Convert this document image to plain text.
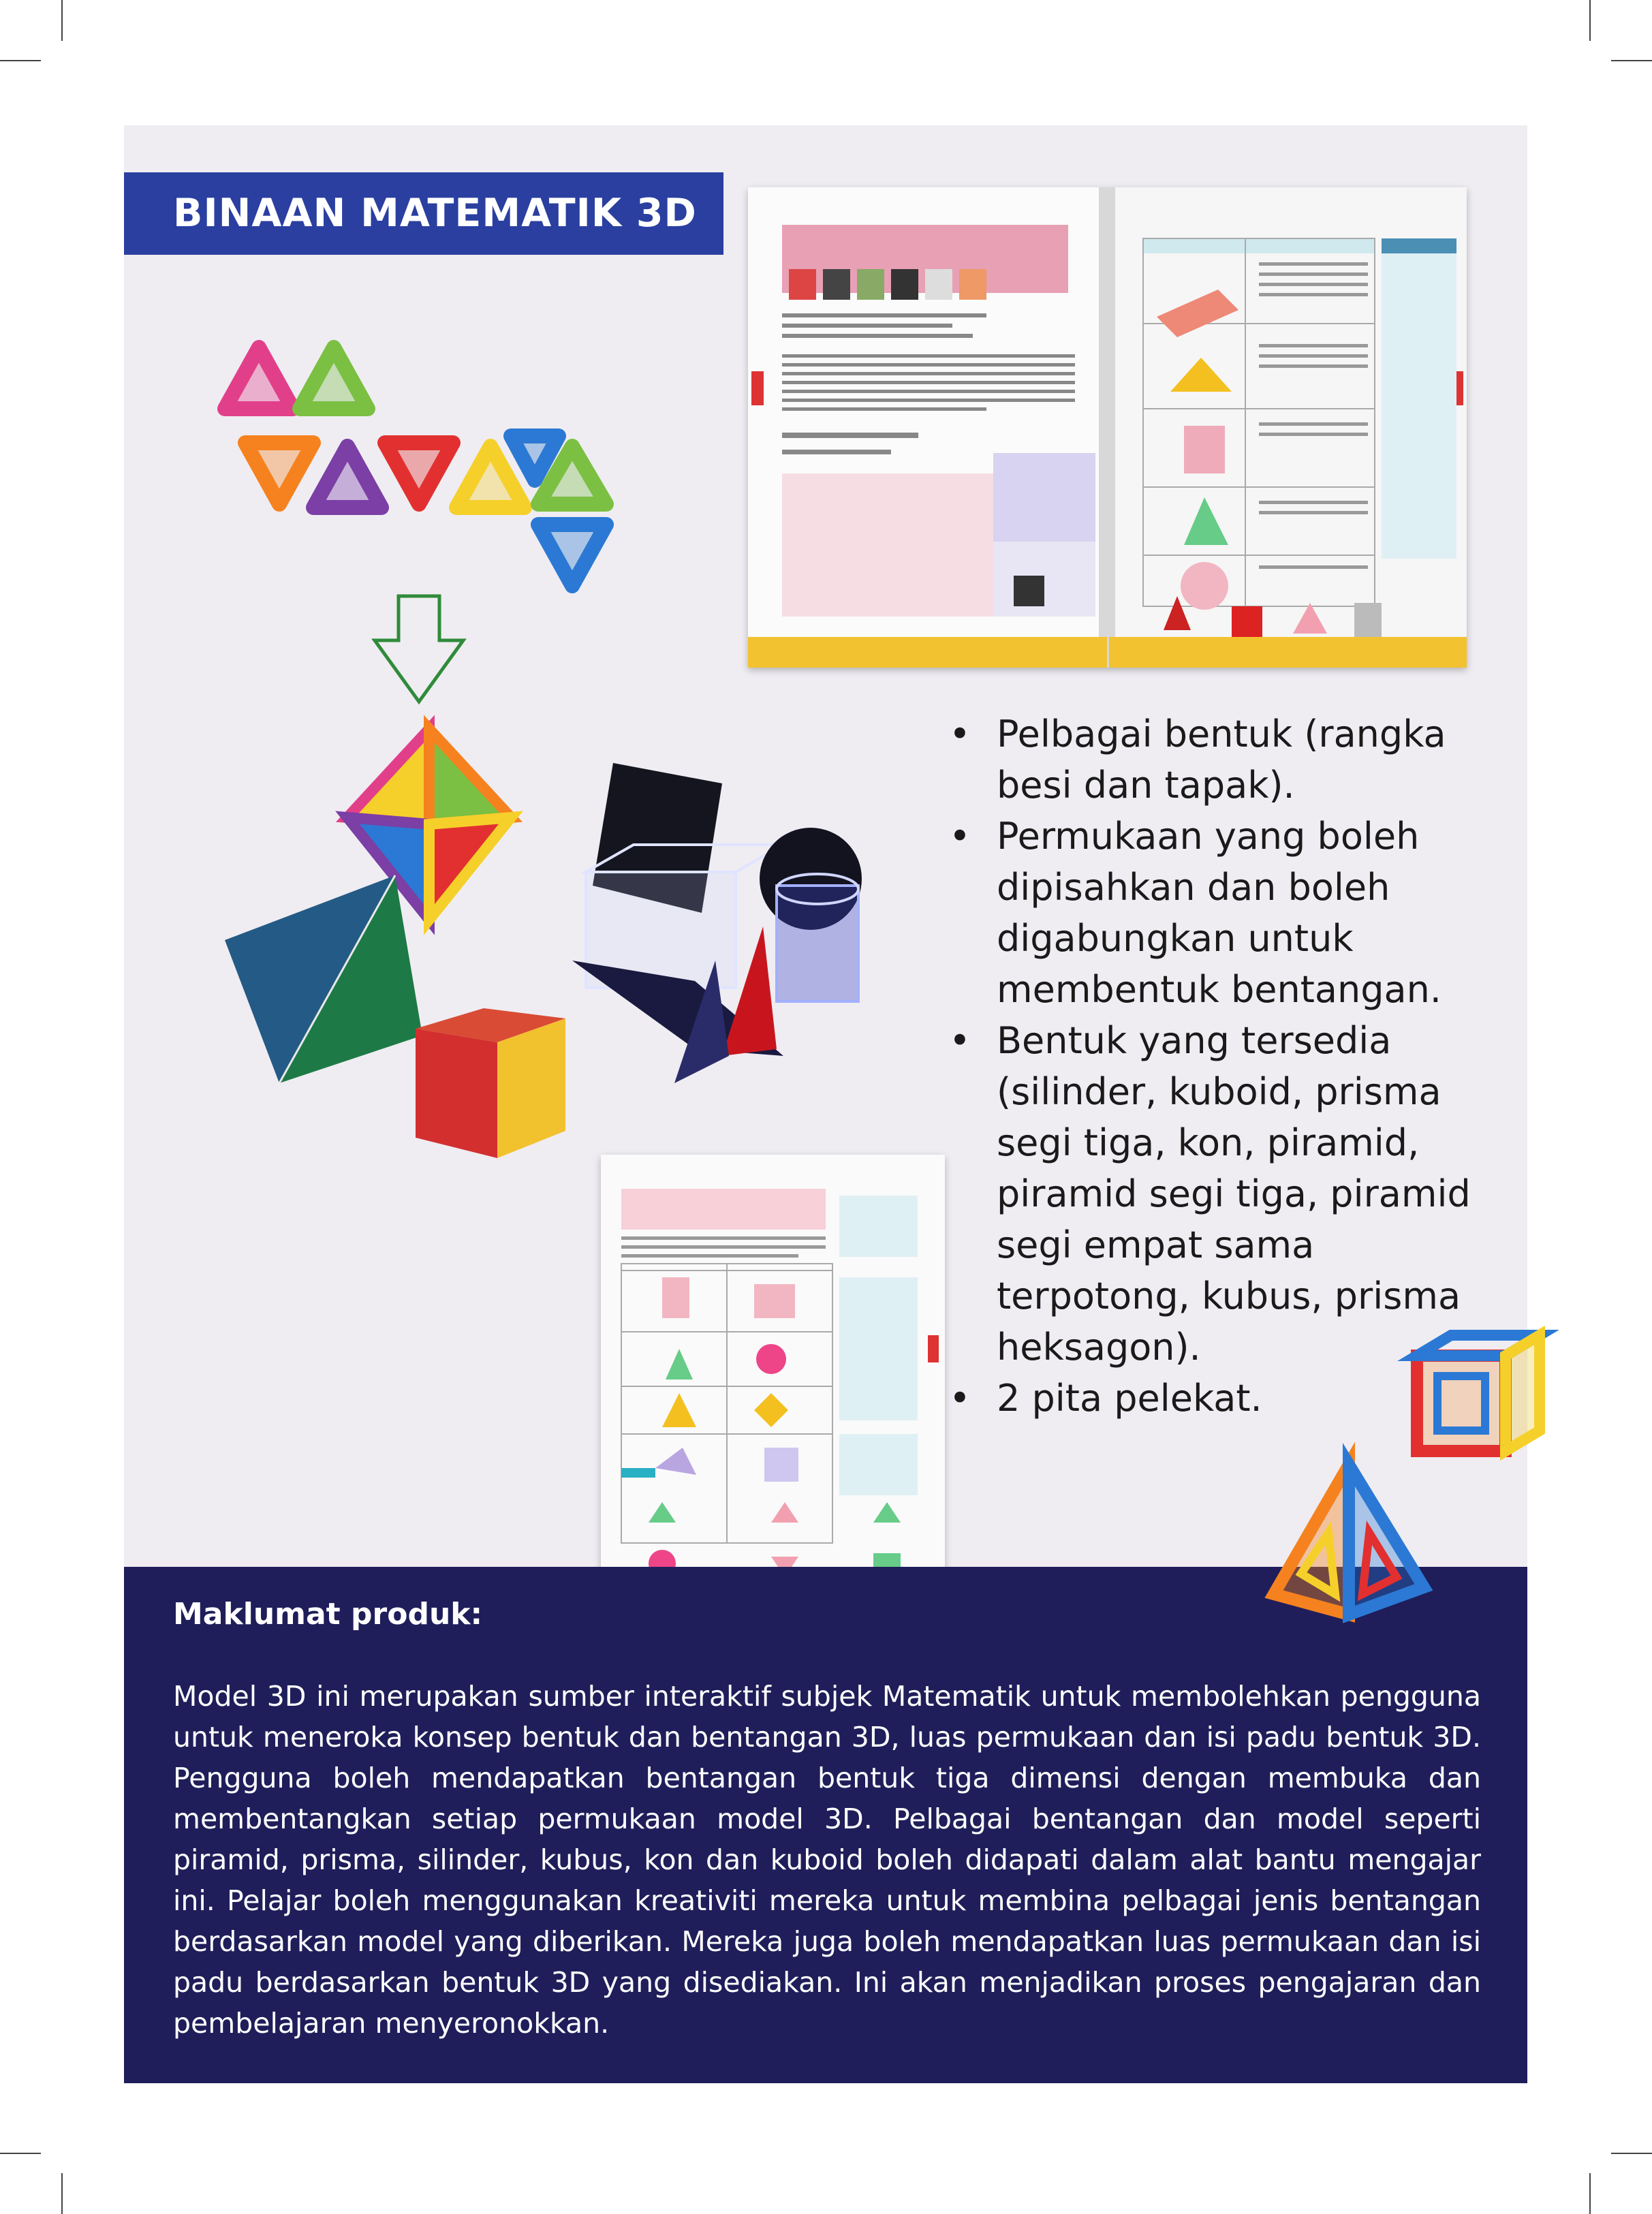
BINAAN MATEMATIK 3D
• Pelbagai bentuk (rangka besi dan tapak).
• Permukaan yang boleh dipisahkan dan boleh digabungkan untuk membentuk bentangan.
• Bentuk yang tersedia (silinder, kuboid, prisma segi tiga, kon, piramid, piramid segi tiga, piramid segi empat sama terpotong, kubus, prisma heksagon).
• 2 pita pelekat.
Maklumat produk:
Model 3D ini merupakan sumber interaktif subjek Matematik untuk membolehkan pengguna untuk meneroka konsep bentuk dan bentangan 3D, luas permukaan dan isi padu bentuk 3D. Pengguna boleh mendapatkan bentangan bentuk tiga dimensi dengan membuka dan membentangkan setiap permukaan model 3D. Pelbagai bentangan dan model seperti piramid, prisma, silinder, kubus, kon dan kuboid boleh didapati dalam alat bantu mengajar ini. Pelajar boleh menggunakan kreativiti mereka untuk membina pelbagai jenis bentangan berdasarkan model yang diberikan. Mereka juga boleh mendapatkan luas permukaan dan isi padu berdasarkan bentuk 3D yang disediakan. Ini akan menjadikan proses pengajaran dan pembelajaran menyeronokkan.
